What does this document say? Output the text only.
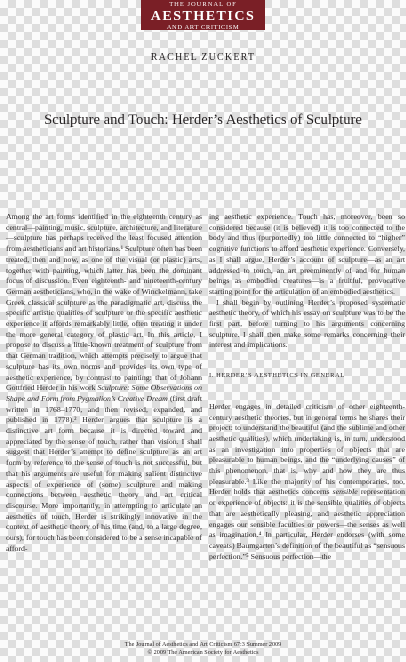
THE JOURNAL OF
AESTHETICS
AND ART CRITICISM
RACHEL ZUCKERT
Sculpture and Touch: Herder’s Aesthetics of Sculpture

Among the art forms identified in the eighteenth century as central—painting, music, sculpture, architecture, and literature—sculpture has perhaps received the least focused attention from aestheticians and art historians.¹ Sculpture often has been treated, then and now, as one of the visual (or plastic) arts, together with painting, which latter has been the dominant focus of discussion. Even eighteenth- and nineteenth-century German aestheticians, who, in the wake of Winckelmann, take Greek classical sculpture as the paradigmatic art, discuss the specific artistic qualities of sculpture or the specific aesthetic experience it affords remarkably little, often treating it under the more general category of plastic art. In this article, I propose to discuss a little-known treatment of sculpture from that German tradition, which attempts precisely to argue that sculpture has its own norms and provides its own type of aesthetic experience, by contrast to painting: that of Johann Gottfried Herder in his work Sculpture: Some Observations on Shape and Form from Pygmalion’s Creative Dream (first draft written in 1768–1770, and then revised, expanded, and published in 1778).² Herder argues that sculpture is a distinctive art form because it is directed toward and appreciated by the sense of touch, rather than vision. I shall suggest that Herder’s attempt to define sculpture as an art form by reference to the sense of touch is not successful, but that his arguments are useful for making salient distinctive aspects of experience of (some) sculpture and making connections between aesthetic theory and art critical discourse. More importantly, in attempting to articulate an aesthetics of touch, Herder is strikingly innovative in the context of aesthetic theory of his time (and, to a large degree, ours), for touch has been considered to be a sense incapable of afford-

ing aesthetic experience. Touch has, moreover, been so considered because (it is believed) it is too connected to the body and thus (purportedly) too little connected to “higher” cognitive functions to afford aesthetic experience. Conversely, as I shall argue, Herder’s account of sculpture—as an art addressed to touch, an art preeminently of and for human beings as embodied creatures—is a fruitful, provocative starting point for the articulation of an embodied aesthetics.

I shall begin by outlining Herder’s proposed systematic aesthetic theory, of which his essay on sculpture was to be the first part, before turning to his arguments concerning sculpture. I shall then make some remarks concerning their interest and implications.

I. HERDER’S AESTHETICS IN GENERAL

Herder engages in detailed criticism of other eighteenth-century aesthetic theories, but in general terms he shares their project: to understand the beautiful (and the sublime and other aesthetic qualities), which undertaking is, in turn, understood as an investigation into properties of objects that are pleasurable to human beings, and the “underlying causes” of this phenomenon, that is, why and how they are thus pleasurable.³ Like the majority of his contemporaries, too, Herder holds that aesthetics concerns sensible representation or experience of objects: it is the sensible qualities of objects that are aesthetically pleasing, and aesthetic appreciation engages our sensible faculties or powers—the senses as well as imagination.⁴ In particular, Herder endorses (with some caveats) Baumgarten’s definition of the beautiful as “sensuous perfection.”⁵ Sensuous perfection—the

The Journal of Aesthetics and Art Criticism 67:3 Summer 2009
© 2009 The American Society for Aesthetics
